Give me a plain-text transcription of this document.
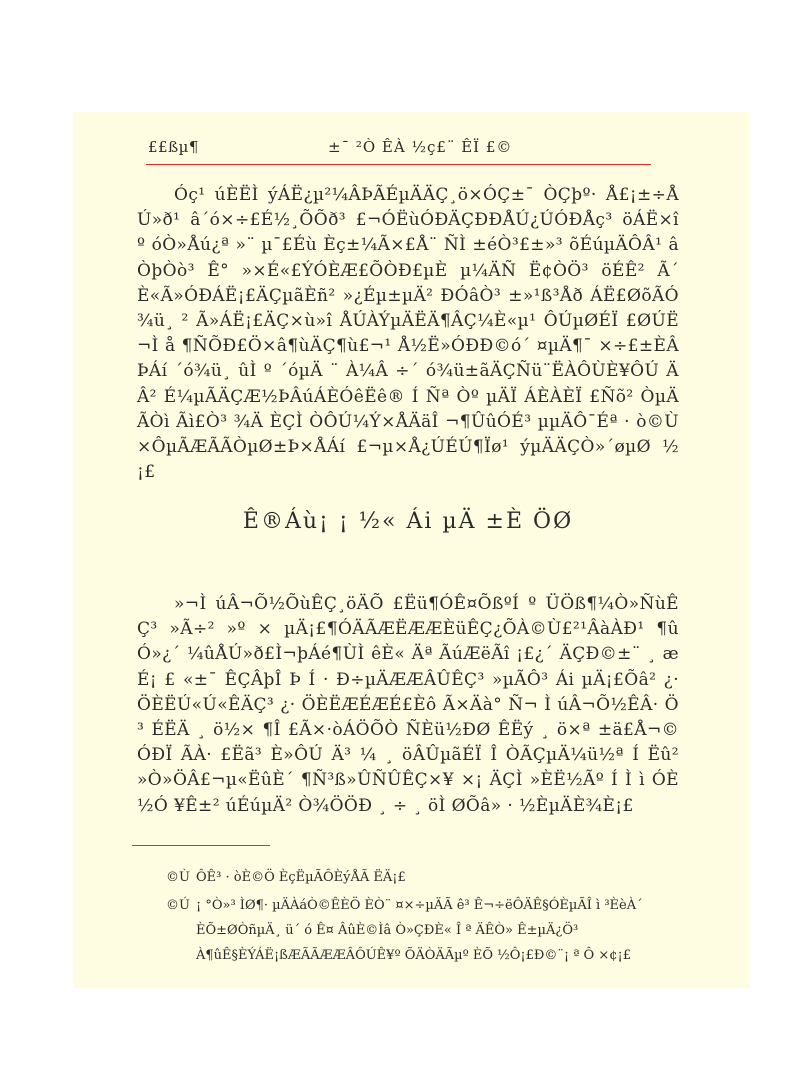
££ßµ¶	±¯ ²Ò ÊÀ ½ç£¨ ÊÏ £©

Óç¹ úÈËÌ ýÁË¿µ²¼ÂÞÃÉµÄÄÇ¸ö×ÓÇ±¯ ÒÇþº· Å£¡±÷ÅÚ»ð¹ â´ó×÷£É½¸ÕÕð³ £¬ÓËùÓÐÄÇÐÐÅÚ¿ÚÓÐÅç³ öÁË×î º óÒ»Åú¿ª »¨ µ¯£Éù Èç±¼Ã×£Å¨ ÑÌ ±éÒ³£±»³ õÉúµÄÔÂ¹ âÒþÒò³ Ê° »×É«£ÝÓÈÆ£ÕÒÐ£µÈ µ¼ÄÑ Ë¢ÒÖ³ öÉÊ² Ã´ È«Ã»ÓÐÁË¡£ÄÇµãÈñ² »¿Éµ±µÄ² ÐÓâÒ³ ±»¹ß³Åð ÁË£ØõÃÓ¾ü¸ ² Ã»ÁË¡£ÄÇ×ù»î ÅÚÀÝµÄËÄ¶ÂÇ¼È«µ¹ ÔÚµØÉÏ £ØÚË¬Ì å ¶ÑÕÐ£Ö×â¶ùÄÇ¶ù£¬¹ Å½Ë»ÓÐÐ©ó´ ¤µÄ¶¯ ×÷£±ÈÂÞÁí ´ó¾ü¸ ûÌ º ´óµÄ ¨ À¼Â ÷´ ó¾ü±ãÄÇÑü¨ËÀÔÙÈ¥ÔÚ ÄÂ² É¼µÃÄÇÆ½ÞÂúÁÈÓêËê® Í Ñª Òº µÄÏ ÁÈÀÈÏ £Ñõ² ÒµÄÃÒì Ãì£Ò³ ¾Ä ÈÇÌ ÒÔÚ¼Ý×ÅÄäÎ ¬¶ÛûÓÉ³ µµÄÔ¯Éª · ò©Ù ×ÔµÃÆÃÃÒµØ±Þ×ÅÁí £¬µ×Å¿ÚÉÚ¶Ïø¹ ýµÄÄÇÒ»´øµØ ½¡£

Ê®Áù¡ ¡ ½« Ái µÄ ±È ÖØ

»¬Ì úÂ¬Õ½ÕùÊÇ¸öÄÕ £Ëü¶ÓÊ¤ÕßºÍ º ÜÖß¶¼Ò»ÑùÊÇ³ »Ã÷² »º × µÄ¡£¶ÓÄÃÆËÆÆÈüÊÇ¿ÕÀ©Ù£²¹ÂàÀÐ¹ ¶ûÓ»¿´ ¼ûÅÚ»ð£Ì¬þÁé¶ÙÌ êÈ« Äª ÃúÆëÃî ¡£¿´ ÄÇÐ©±¨ ¸ æÉ¡ £ «±¯ ÊÇÂþÎ Þ Í · Ð÷µÄÆÆÂÛÊÇ³ »µÃÔ³ Ái µÄ¡£Õâ² ¿· ÖÈËÚ«Ú«ÊÄÇ³ ¿· ÖÈËÆÉÆÉ£Èô Ã×Äà° Ñ¬ Ì úÂ¬Õ½ÊÂ· Ö ³ ÉËÄ ¸ ö½× ¶Î £Ã×·òÁÖÕÒ ÑÈü½ÐØ ÊËý ¸ ö×ª ±ä£Å¬©ÓÐÏ ÃÀ· £Ëã³ È»ÔÚ Ä³ ¼ ¸ öÂÛµãÉÏ Î ÒÃÇµÄ¼ü½ª Í Ëû² »Ò»ÖÂ£¬µ«ËûÈ´ ¶Ñ³ß»ÛÑÛÊÇ×¥ ×¡ ÄÇÌ »ÈË½Ãº Í Ì ì ÓÈ½Ó ¥Ê±² úÉúµÄ² Ò¾ÖÖÐ ¸ ÷ ¸ öÌ ØÕâ» · ½ÈµÄÈ¾È¡£

©Ù ÔÊ³ · òÈ©Ö ÈçËµÃÔÈýÅÃ ËÄ¡£

©Ú ¡ °Ò»³ ÌØ¶· µÄÀáÒ©ÊÈÖ ÈÒ¨ ¤×÷µÄÃ ê³ Ê¬÷ëÔÄÊ§ÓÈµÃÎ ì ³ÈèÀ´ ÈÕ±ØÒñµÄ¸ ü´ ó Ê¤ ÂûÈ©Ìâ Ò»ÇÐÈ« Î ª ÄÊÒ» Ê±µÄ¿Ö³ À¶ûÊ§ÈÝÁË¡ßÆÃÃÆÆÂÔÚÊ¥º ÕÄÒÄÃµº ÈÕ ½Ô¡£Ð©¨¡ ª Ô ×¢¡£
